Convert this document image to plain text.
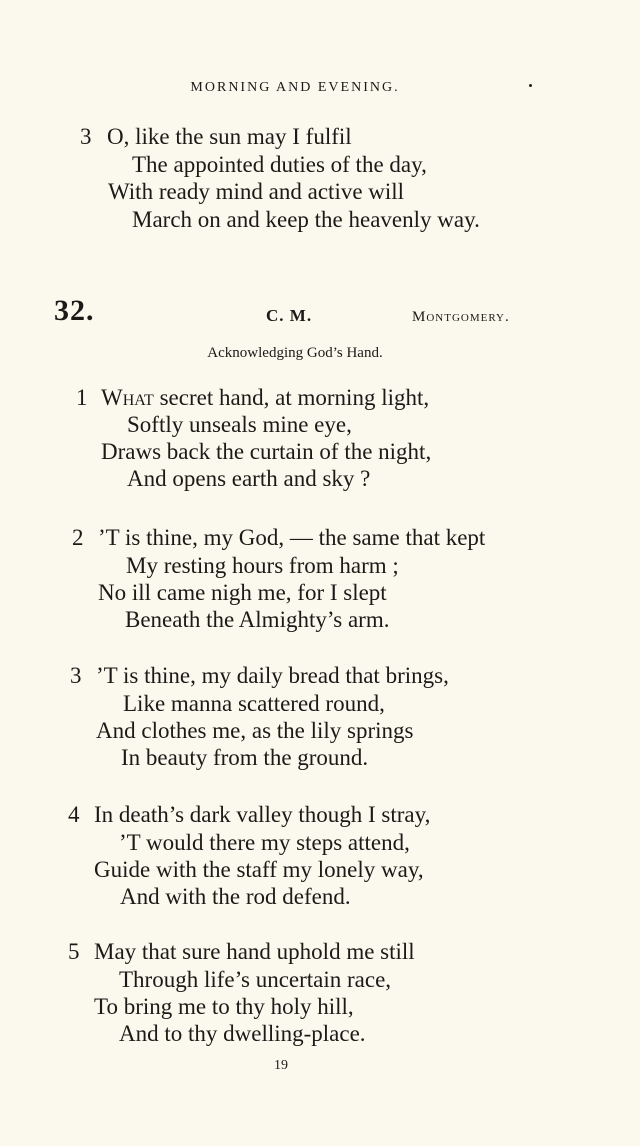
MORNING AND EVENING.
3 O, like the sun may I fulfil
The appointed duties of the day,
With ready mind and active will
March on and keep the heavenly way.
32.	C. M.	Montgomery.
Acknowledging God’s Hand.
1 What secret hand, at morning light,
Softly unseals mine eye,
Draws back the curtain of the night,
And opens earth and sky ?
2 ’T is thine, my God, — the same that kept
My resting hours from harm ;
No ill came nigh me, for I slept
Beneath the Almighty’s arm.
3 ’T is thine, my daily bread that brings,
Like manna scattered round,
And clothes me, as the lily springs
In beauty from the ground.
4 In death’s dark valley though I stray,
’T would there my steps attend,
Guide with the staff my lonely way,
And with the rod defend.
5 May that sure hand uphold me still
Through life’s uncertain race,
To bring me to thy holy hill,
And to thy dwelling-place.
19
